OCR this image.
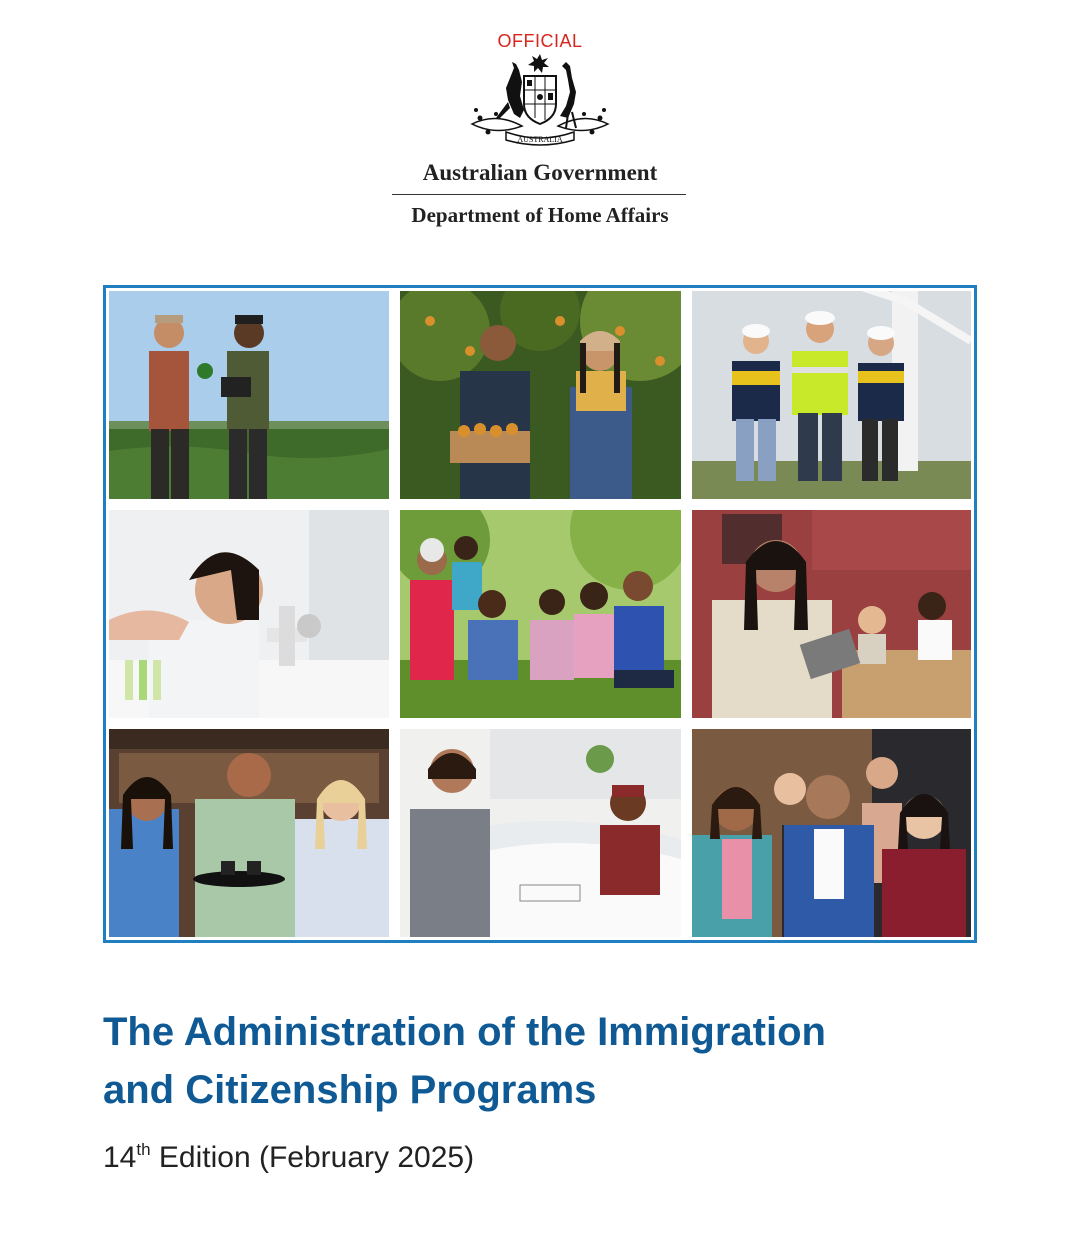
OFFICIAL
AUSTRALIA
Australian Government
Department of Home Affairs
The Administration of the Immigration
and Citizenship Programs
14th Edition (February 2025)
